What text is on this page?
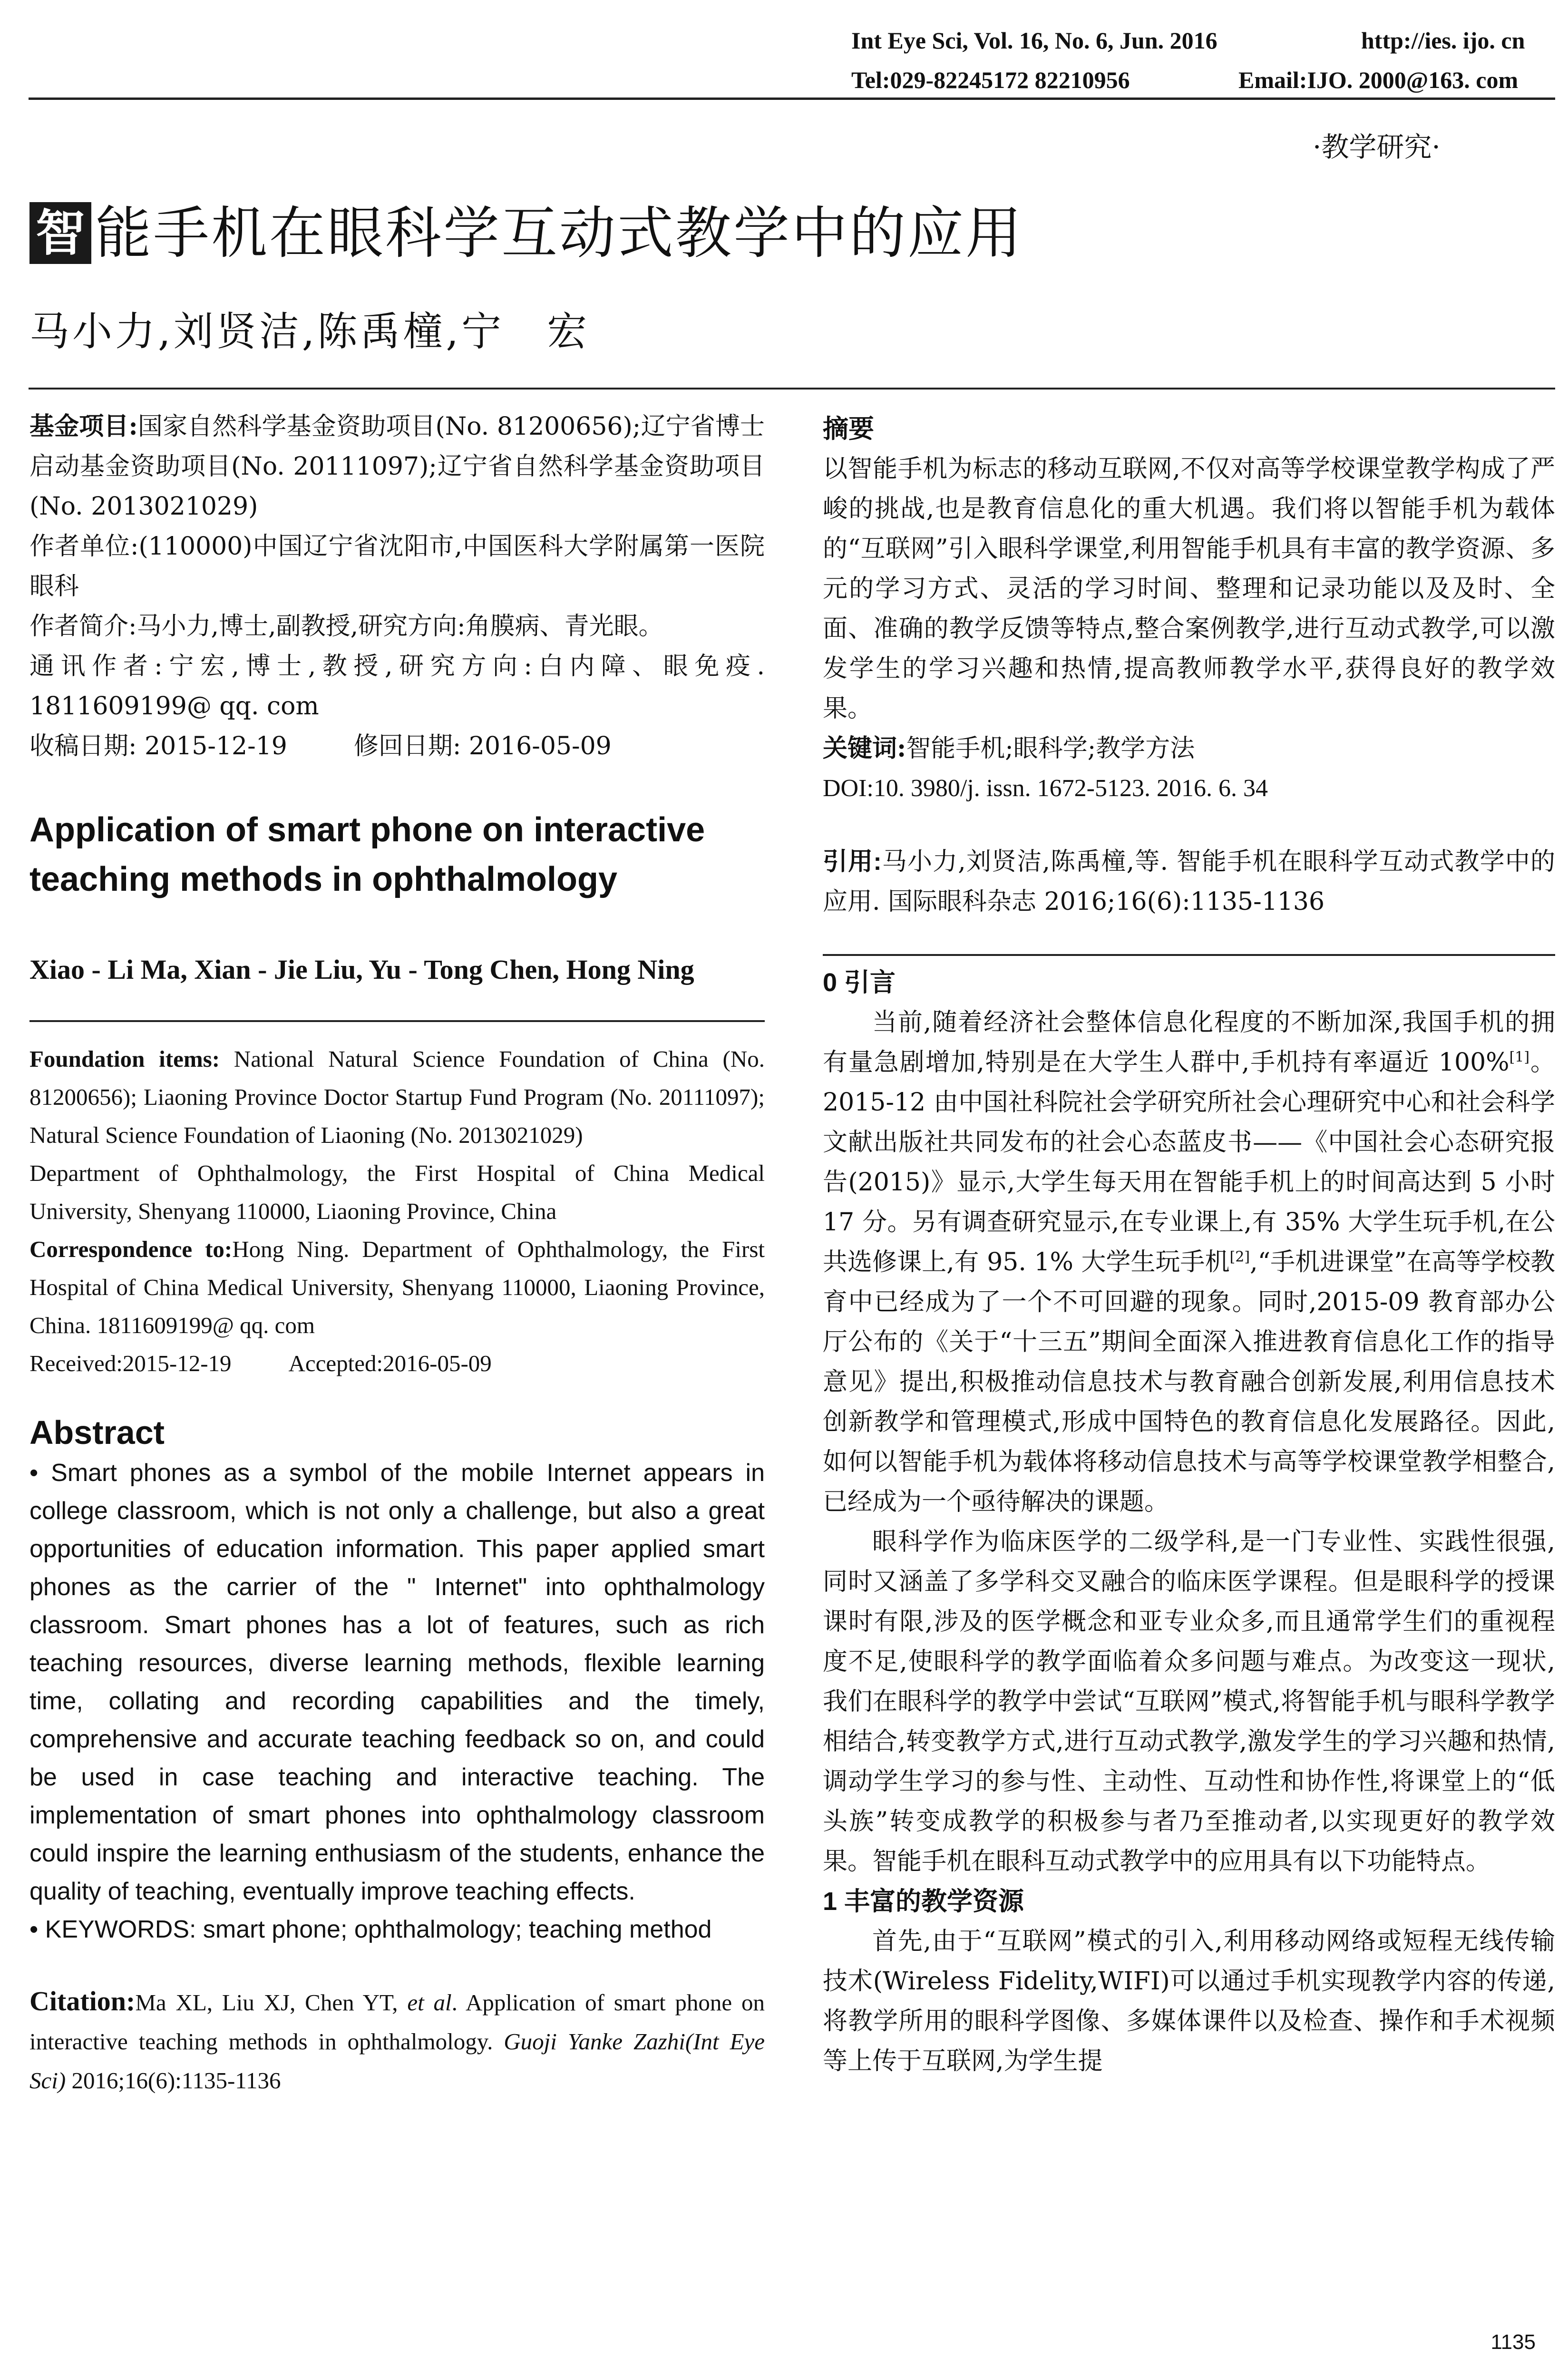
Int Eye Sci, Vol. 16, No. 6, Jun. 2016	http://ies. ijo. cn
Tel:029-82245172 82210956	Email:IJO. 2000@163. com
·教学研究·
智 能手机在眼科学互动式教学中的应用
马小力,刘贤洁,陈禹橦,宁　宏

基金项目:国家自然科学基金资助项目(No. 81200656);辽宁省博士启动基金资助项目(No. 20111097);辽宁省自然科学基金资助项目(No. 2013021029)

作者单位:(110000)中国辽宁省沈阳市,中国医科大学附属第一医院眼科

作者简介:马小力,博士,副教授,研究方向:角膜病、青光眼。

通讯作者:宁宏,博士,教授,研究方向:白内障、眼免疫. 1811609199@ qq. com

收稿日期: 2015-12-19	修回日期: 2016-05-09

Application of smart phone on interactive teaching methods in ophthalmology

Xiao - Li Ma, Xian - Jie Liu, Yu - Tong Chen, Hong Ning

Foundation items: National Natural Science Foundation of China (No. 81200656); Liaoning Province Doctor Startup Fund Program (No. 20111097); Natural Science Foundation of Liaoning (No. 2013021029)

Department of Ophthalmology, the First Hospital of China Medical University, Shenyang 110000, Liaoning Province, China

Correspondence to:Hong Ning. Department of Ophthalmology, the First Hospital of China Medical University, Shenyang 110000, Liaoning Province, China. 1811609199@ qq. com

Received:2015-12-19 Accepted:2016-05-09

Abstract

• Smart phones as a symbol of the mobile Internet appears in college classroom, which is not only a challenge, but also a great opportunities of education information. This paper applied smart phones as the carrier of the " Internet" into ophthalmology classroom. Smart phones has a lot of features, such as rich teaching resources, diverse learning methods, flexible learning time, collating and recording capabilities and the timely, comprehensive and accurate teaching feedback so on, and could be used in case teaching and interactive teaching. The implementation of smart phones into ophthalmology classroom could inspire the learning enthusiasm of the students, enhance the quality of teaching, eventually improve teaching effects.

• KEYWORDS: smart phone; ophthalmology; teaching method

Citation:Ma XL, Liu XJ, Chen YT, et al. Application of smart phone on interactive teaching methods in ophthalmology. Guoji Yanke Zazhi(Int Eye Sci) 2016;16(6):1135-1136

摘要

以智能手机为标志的移动互联网,不仅对高等学校课堂教学构成了严峻的挑战,也是教育信息化的重大机遇。我们将以智能手机为载体的“互联网”引入眼科学课堂,利用智能手机具有丰富的教学资源、多元的学习方式、灵活的学习时间、整理和记录功能以及及时、全面、准确的教学反馈等特点,整合案例教学,进行互动式教学,可以激发学生的学习兴趣和热情,提高教师教学水平,获得良好的教学效果。

关键词:智能手机;眼科学;教学方法

DOI:10. 3980/j. issn. 1672-5123. 2016. 6. 34

引用:马小力,刘贤洁,陈禹橦,等. 智能手机在眼科学互动式教学中的应用. 国际眼科杂志 2016;16(6):1135-1136

0 引言

当前,随着经济社会整体信息化程度的不断加深,我国手机的拥有量急剧增加,特别是在大学生人群中,手机持有率逼近 100%[1]。2015-12 由中国社科院社会学研究所社会心理研究中心和社会科学文献出版社共同发布的社会心态蓝皮书——《中国社会心态研究报告(2015)》显示,大学生每天用在智能手机上的时间高达到 5 小时 17 分。另有调查研究显示,在专业课上,有 35% 大学生玩手机,在公共选修课上,有 95. 1% 大学生玩手机[2],“手机进课堂”在高等学校教育中已经成为了一个不可回避的现象。同时,2015-09 教育部办公厅公布的《关于“十三五”期间全面深入推进教育信息化工作的指导意见》提出,积极推动信息技术与教育融合创新发展,利用信息技术创新教学和管理模式,形成中国特色的教育信息化发展路径。因此,如何以智能手机为载体将移动信息技术与高等学校课堂教学相整合,已经成为一个亟待解决的课题。

眼科学作为临床医学的二级学科,是一门专业性、实践性很强,同时又涵盖了多学科交叉融合的临床医学课程。但是眼科学的授课课时有限,涉及的医学概念和亚专业众多,而且通常学生们的重视程度不足,使眼科学的教学面临着众多问题与难点。为改变这一现状,我们在眼科学的教学中尝试“互联网”模式,将智能手机与眼科学教学相结合,转变教学方式,进行互动式教学,激发学生的学习兴趣和热情,调动学生学习的参与性、主动性、互动性和协作性,将课堂上的“低头族”转变成教学的积极参与者乃至推动者,以实现更好的教学效果。智能手机在眼科互动式教学中的应用具有以下功能特点。

1 丰富的教学资源

首先,由于“互联网”模式的引入,利用移动网络或短程无线传输技术(Wireless Fidelity,WIFI)可以通过手机实现教学内容的传递,将教学所用的眼科学图像、多媒体课件以及检查、操作和手术视频等上传于互联网,为学生提

1135
